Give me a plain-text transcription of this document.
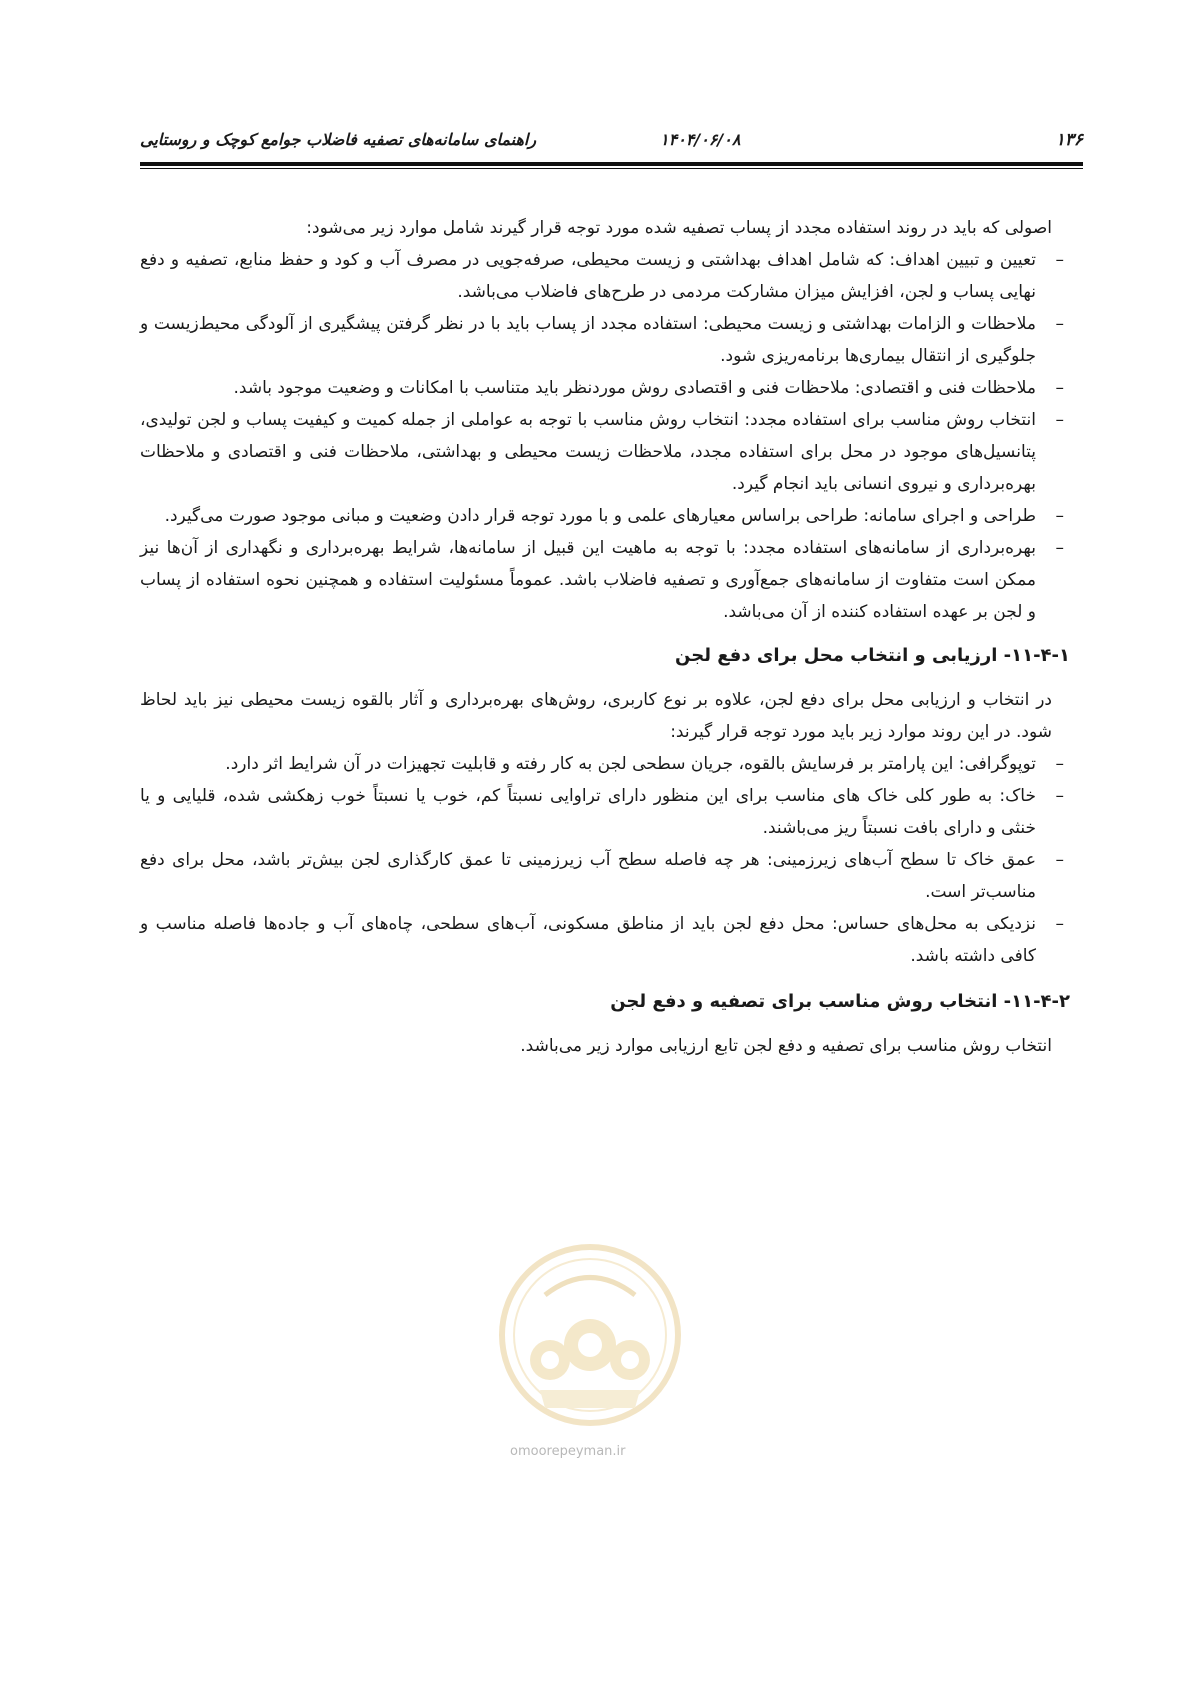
۱۳۶
۱۴۰۴/۰۶/۰۸
راهنمای سامانه‌های تصفیه فاضلاب جوامع کوچک و روستایی

اصولی که باید در روند استفاده مجدد از پساب تصفیه شده مورد توجه قرار گیرند شامل موارد زیر می‌شود:

– تعیین و تبیین اهداف: که شامل اهداف بهداشتی و زیست محیطی، صرفه‌جویی در مصرف آب و کود و حفظ منابع، تصفیه و دفع نهایی پساب و لجن، افزایش میزان مشارکت مردمی در طرح‌های فاضلاب می‌باشد.
– ملاحظات و الزامات بهداشتی و زیست محیطی: استفاده مجدد از پساب باید با در نظر گرفتن پیشگیری از آلودگی محیط‌زیست و جلوگیری از انتقال بیماری‌ها برنامه‌ریزی شود.
– ملاحظات فنی و اقتصادی: ملاحظات فنی و اقتصادی روش موردنظر باید متناسب با امکانات و وضعیت موجود باشد.
– انتخاب روش مناسب برای استفاده مجدد: انتخاب روش مناسب با توجه به عواملی از جمله کمیت و کیفیت پساب و لجن تولیدی، پتانسیل‌های موجود در محل برای استفاده مجدد، ملاحظات زیست محیطی و بهداشتی، ملاحظات فنی و اقتصادی و ملاحظات بهره‌برداری و نیروی انسانی باید انجام گیرد.
– طراحی و اجرای سامانه: طراحی براساس معیارهای علمی و با مورد توجه قرار دادن وضعیت و مبانی موجود صورت می‌گیرد.
– بهره‌برداری از سامانه‌های استفاده مجدد: با توجه به ماهیت این قبیل از سامانه‌ها، شرایط بهره‌برداری و نگهداری از آن‌ها نیز ممکن است متفاوت از سامانه‌های جمع‌آوری و تصفیه فاضلاب باشد. عموماً مسئولیت استفاده و همچنین نحوه استفاده از پساب و لجن بر عهده استفاده کننده از آن می‌باشد.
۱۱-۴-۱- ارزیابی و انتخاب محل برای دفع لجن

در انتخاب و ارزیابی محل برای دفع لجن، علاوه بر نوع کاربری، روش‌های بهره‌برداری و آثار بالقوه زیست محیطی نیز باید لحاظ شود. در این روند موارد زیر باید مورد توجه قرار گیرند:

– توپوگرافی: این پارامتر بر فرسایش بالقوه، جریان سطحی لجن به کار رفته و قابلیت تجهیزات در آن شرایط اثر دارد.
– خاک: به طور کلی خاک های مناسب برای این منظور دارای تراوایی نسبتاً کم، خوب یا نسبتاً خوب زهکشی شده، قلیایی و یا خنثی و دارای بافت نسبتاً ریز می‌باشند.
– عمق خاک تا سطح آب‌های زیرزمینی: هر چه فاصله سطح آب زیرزمینی تا عمق کارگذاری لجن بیش‌تر باشد، محل برای دفع مناسب‌تر است.
– نزدیکی به محل‌های حساس: محل دفع لجن باید از مناطق مسکونی، آب‌های سطحی، چاه‌های آب و جاده‌ها فاصله مناسب و کافی داشته باشد.
۱۱-۴-۲- انتخاب روش مناسب برای تصفیه و دفع لجن

انتخاب روش مناسب برای تصفیه و دفع لجن تابع ارزیابی موارد زیر می‌باشد.

omoorepeyman.ir
